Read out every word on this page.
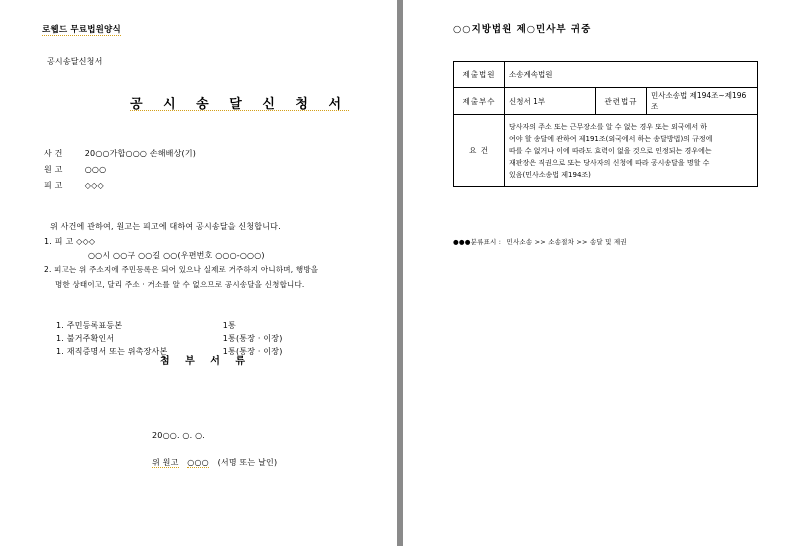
로웹드 무료법원양식
공시송달신청서
공 시 송 달 신 청 서
사 건	20○○가합○○○ 손해배상(기)
원 고	○○○
피 고	◇◇◇
위 사건에 관하여, 원고는 피고에 대하여 공시송달을 신청합니다.
1. 피 고 ◇◇◇
○○시 ○○구 ○○길 ○○(우편번호 ○○○-○○○)
2. 피고는 위 주소지에 주민등록은 되어 있으나 실제로 거주하지 아니하며, 행방을
명한 상태이고, 달리 주소 · 거소를 알 수 없으므로 공시송달을 신청합니다.
1. 주민등록표등본	1통
1. 불거주확인서	1통(통장 · 이장)
1. 재직증명서 또는 위촉장사본	1통(통장 · 이장)
첨 부 서 류
20○○. ○. ○.
위 원고 ○○○ (서명 또는 날인)
○○지방법원 제○민사부 귀중
제출법원	소송계속법원		
제출부수	신청서 1부	관련법규	민사소송법 제194조~제196조
요 건	당사자의 주소 또는 근무장소를 알 수 없는 경우 또는 외국에서 하
여야 할 송달에 관하여 제191조(외국에서 하는 송달방법)의 규정에
따를 수 없거나 이에 따라도 효력이 없을 것으로 인정되는 경우에는
재판장은 직권으로 또는 당사자의 신청에 따라 공시송달을 명할 수
있음(민사소송법 제194조)		
●●●분류표시 : 민사소송 >> 소송절차 >> 송달 및 제권
